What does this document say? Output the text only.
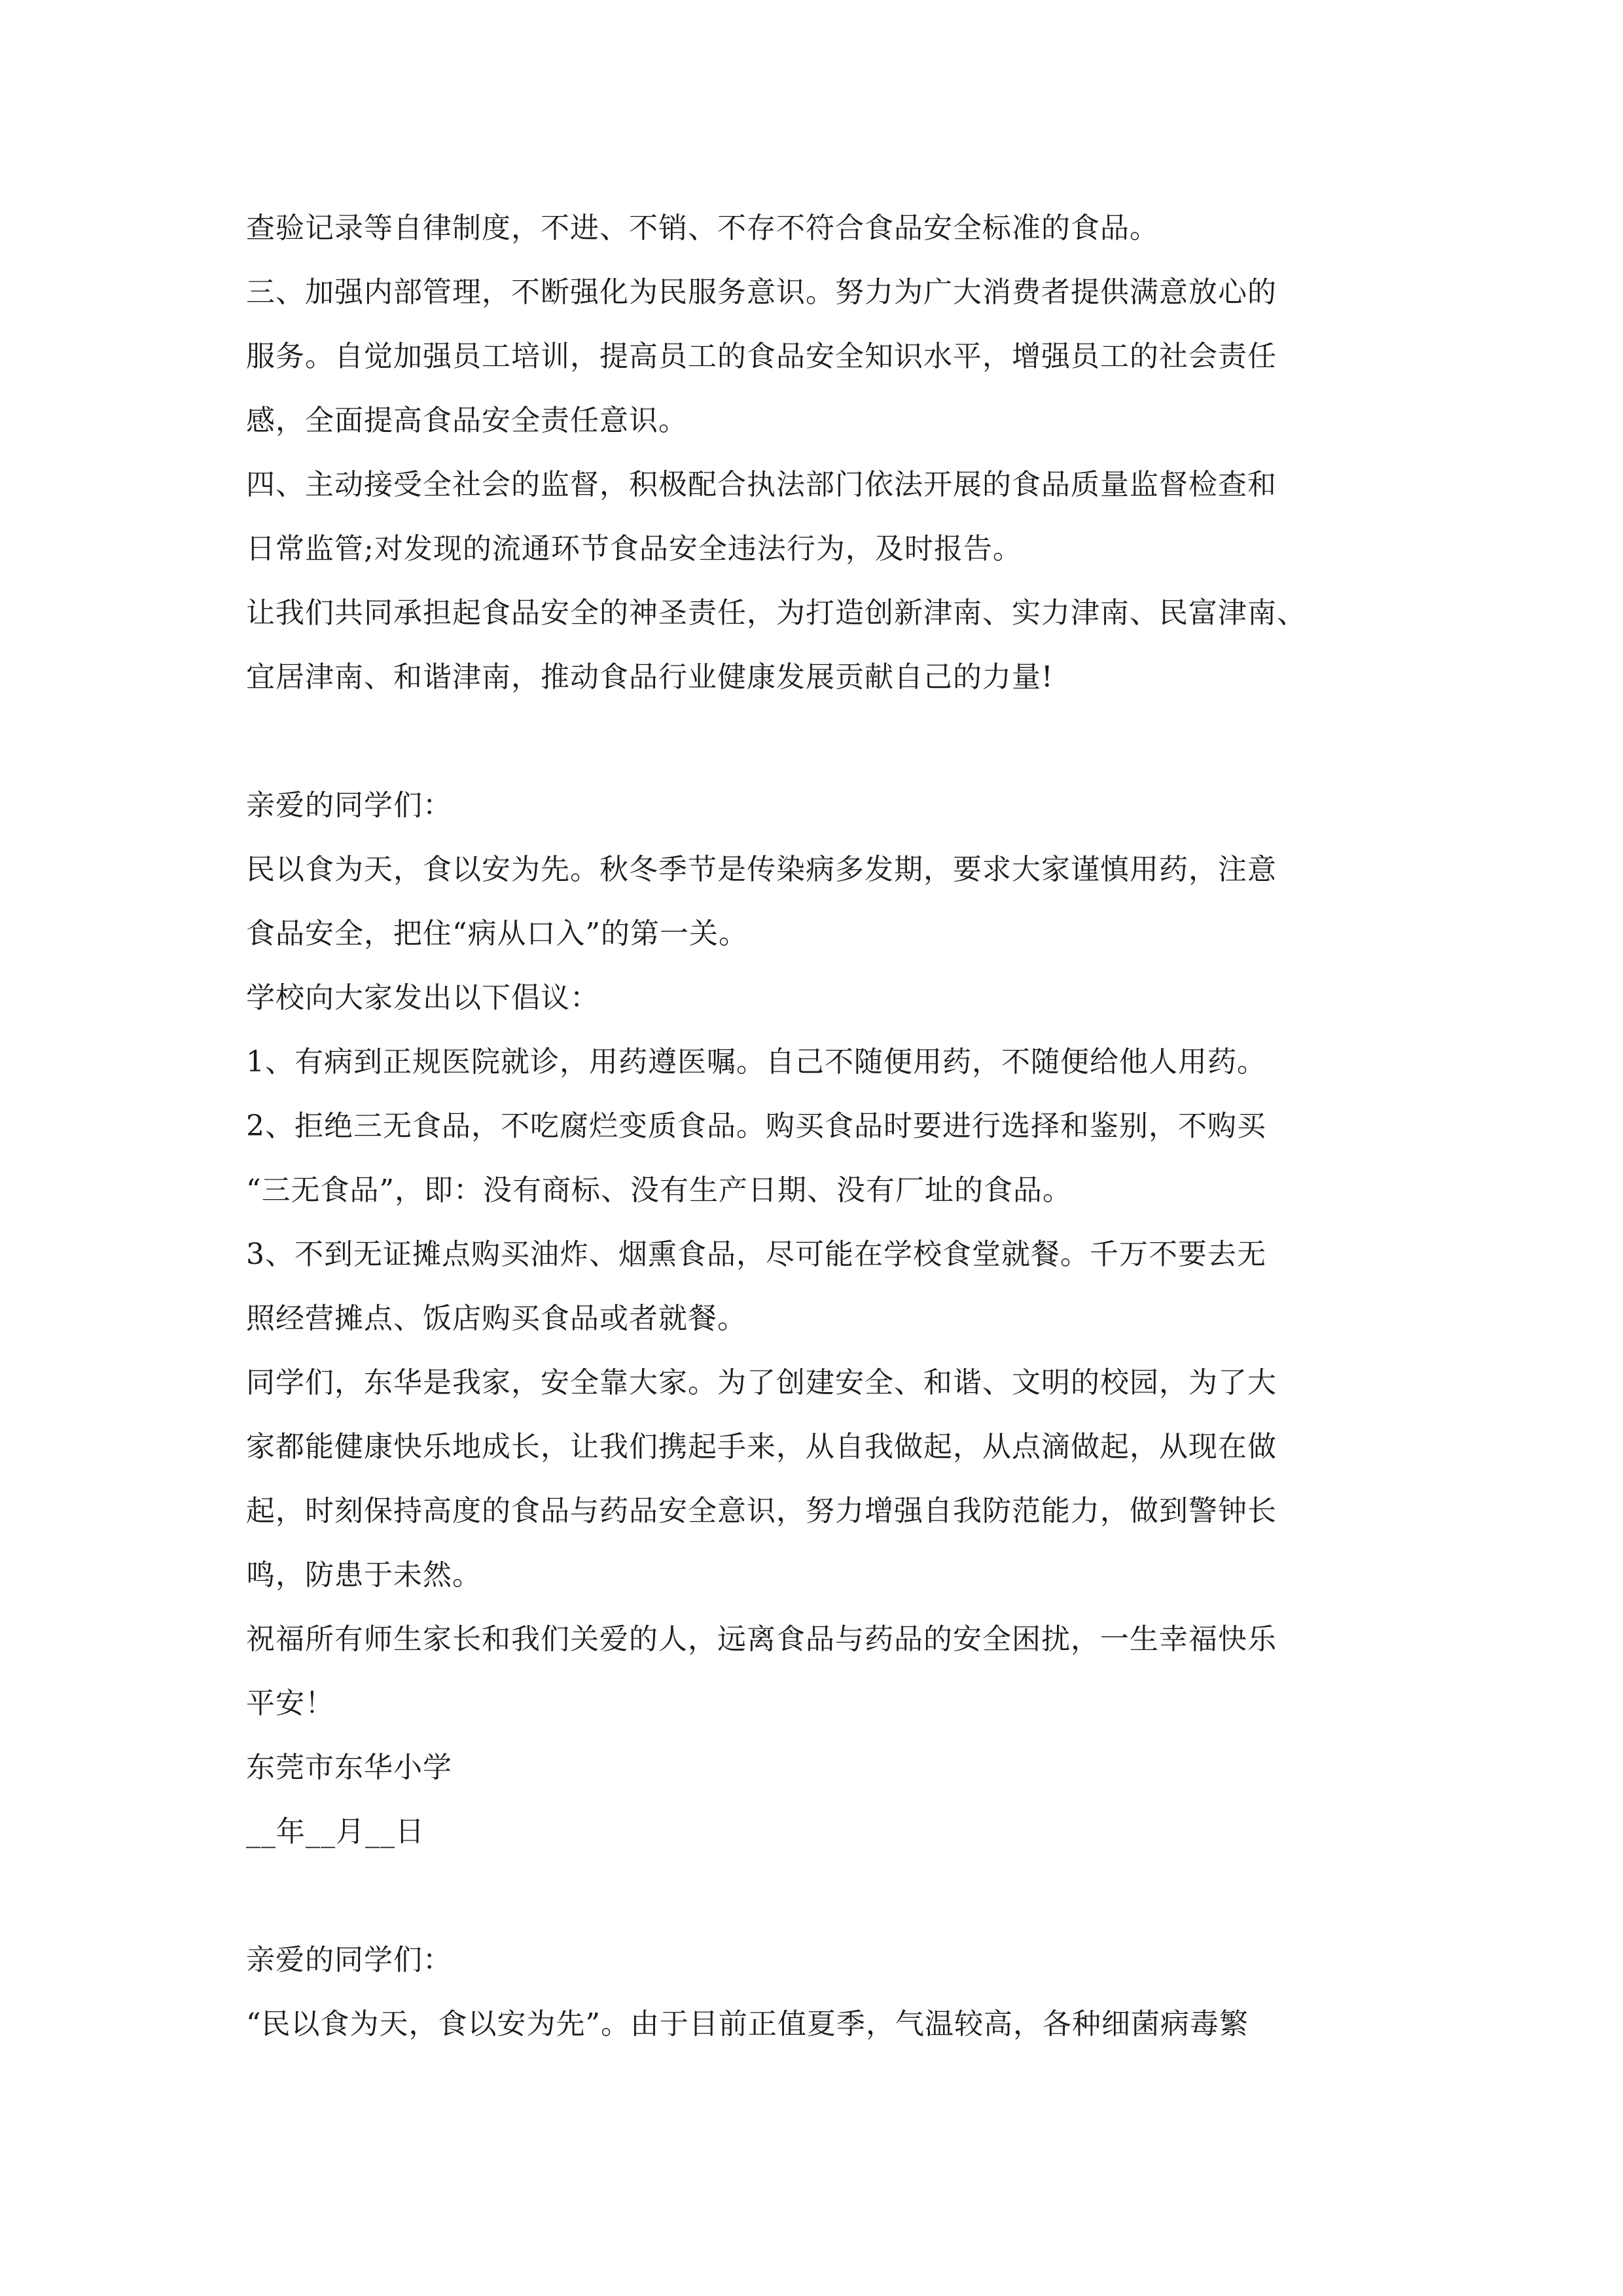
查验记录等自律制度，不进、不销、不存不符合食品安全标准的食品。
三、加强内部管理，不断强化为民服务意识。努力为广大消费者提供满意放心的
服务。自觉加强员工培训，提高员工的食品安全知识水平，增强员工的社会责任
感，全面提高食品安全责任意识。
四、主动接受全社会的监督，积极配合执法部门依法开展的食品质量监督检查和
日常监管;对发现的流通环节食品安全违法行为，及时报告。
让我们共同承担起食品安全的神圣责任，为打造创新津南、实力津南、民富津南、
宜居津南、和谐津南，推动食品行业健康发展贡献自己的力量!
亲爱的同学们：
民以食为天，食以安为先。秋冬季节是传染病多发期，要求大家谨慎用药，注意
食品安全，把住“病从口入”的第一关。
学校向大家发出以下倡议：
1、有病到正规医院就诊，用药遵医嘱。自己不随便用药，不随便给他人用药。
2、拒绝三无食品，不吃腐烂变质食品。购买食品时要进行选择和鉴别，不购买
“三无食品”，即：没有商标、没有生产日期、没有厂址的食品。
3、不到无证摊点购买油炸、烟熏食品，尽可能在学校食堂就餐。千万不要去无
照经营摊点、饭店购买食品或者就餐。
同学们，东华是我家，安全靠大家。为了创建安全、和谐、文明的校园，为了大
家都能健康快乐地成长，让我们携起手来，从自我做起，从点滴做起，从现在做
起，时刻保持高度的食品与药品安全意识，努力增强自我防范能力，做到警钟长
鸣，防患于未然。
祝福所有师生家长和我们关爱的人，远离食品与药品的安全困扰，一生幸福快乐
平安！
东莞市东华小学
__年__月__日
亲爱的同学们：
“民以食为天，食以安为先”。由于目前正值夏季，气温较高，各种细菌病毒繁
